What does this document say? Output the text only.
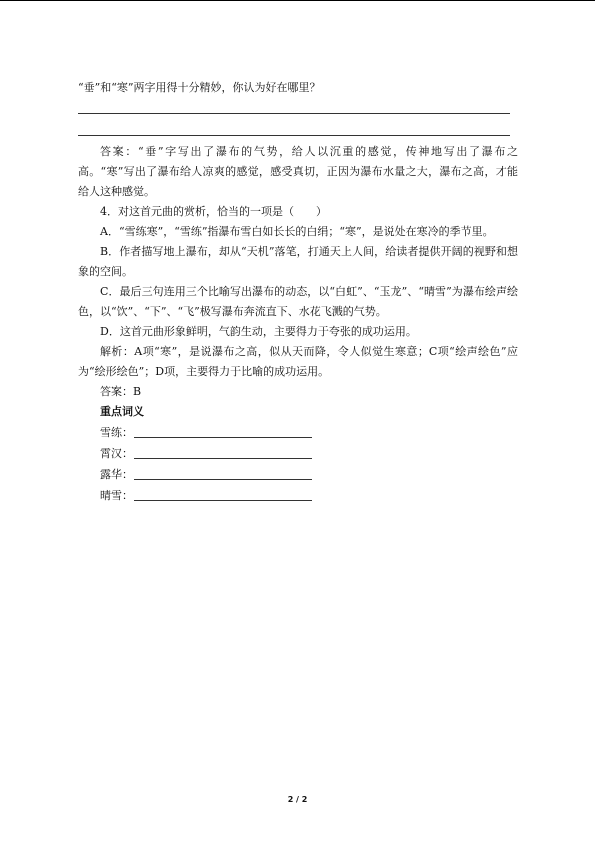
“垂”和“寒”两字用得十分精妙，你认为好在哪里？

答案：“垂”字写出了瀑布的气势，给人以沉重的感觉，传神地写出了瀑布之高。“寒”写出了瀑布给人凉爽的感觉，感受真切，正因为瀑布水量之大，瀑布之高，才能给人这种感觉。

4．对这首元曲的赏析，恰当的一项是（　　）

A．“雪练寒”，“雪练”指瀑布雪白如长长的白绢；“寒”，是说处在寒冷的季节里。

B．作者描写地上瀑布，却从“天机”落笔，打通天上人间，给读者提供开阔的视野和想象的空间。

C．最后三句连用三个比喻写出瀑布的动态，以“白虹”、“玉龙”、“晴雪”为瀑布绘声绘色，以“饮”、“下”、“飞”极写瀑布奔流直下、水花飞溅的气势。

D．这首元曲形象鲜明，气韵生动，主要得力于夸张的成功运用。

解析：A项“寒”，是说瀑布之高，似从天而降，令人似觉生寒意；C项“绘声绘色”应为“绘形绘色”；D项，主要得力于比喻的成功运用。

答案：B

重点词义

雪练：
霄汉：
露华：
晴雪：
2 / 2
